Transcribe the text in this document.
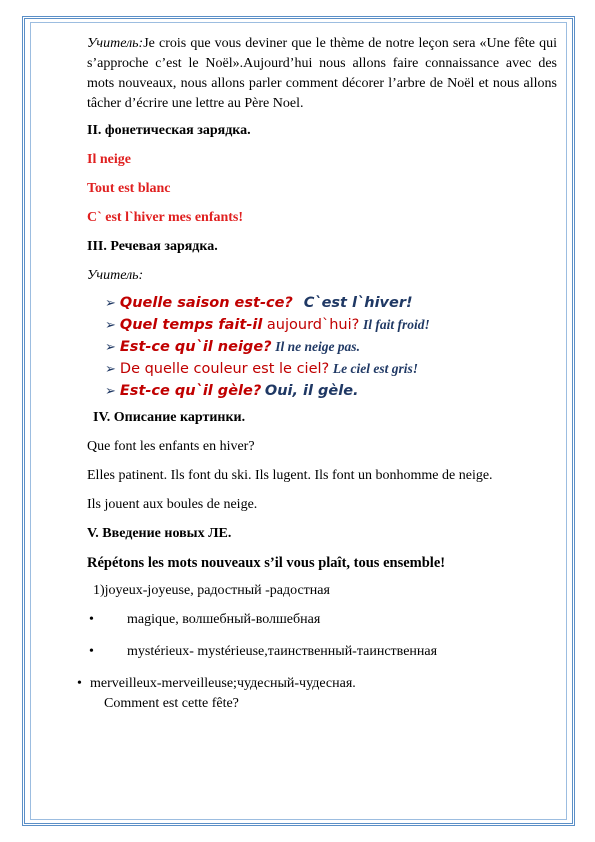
Учитель:Je crois que vous deviner que le thème de notre leçon sera «Une fête qui s’approche c’est le Noël».Aujourd’hui nous allons faire connaissance avec des mots nouveaux, nous allons parler comment décorer l’arbre de Noël et nous allons tâcher d’écrire une lettre au Père Noel.

II. фонетическая зарядка.

Il neige

Tout est blanc

C` est l`hiver mes enfants!

III. Речевая зарядка.

Учитель:

➢ Quelle saison est-ce? C`est l`hiver!
➢ Quel temps fait-il aujourd`hui? Il fait froid!
➢ Est-ce qu`il neige? Il ne neige pas.
➢ De quelle couleur est le ciel? Le ciel est gris!
➢ Est-ce qu`il gèle? Oui, il gèle.

IV. Описание картинки.

Que font les enfants en hiver?

Elles patinent. Ils font du ski. Ils lugent. Ils font un bonhomme de neige.

Ils jouent aux boules de neige.

V. Введение новых ЛЕ.

Répétons les mots nouveaux s’il vous plaît, tous ensemble!

1)joyeux-joyeuse, радостный -радостная

• magique, волшебный-волшебная
• mystérieux- mystérieuse,таинственный-таинственная
• merveilleux-merveilleuse;чудесный-чудесная.

Comment est cette fête?
